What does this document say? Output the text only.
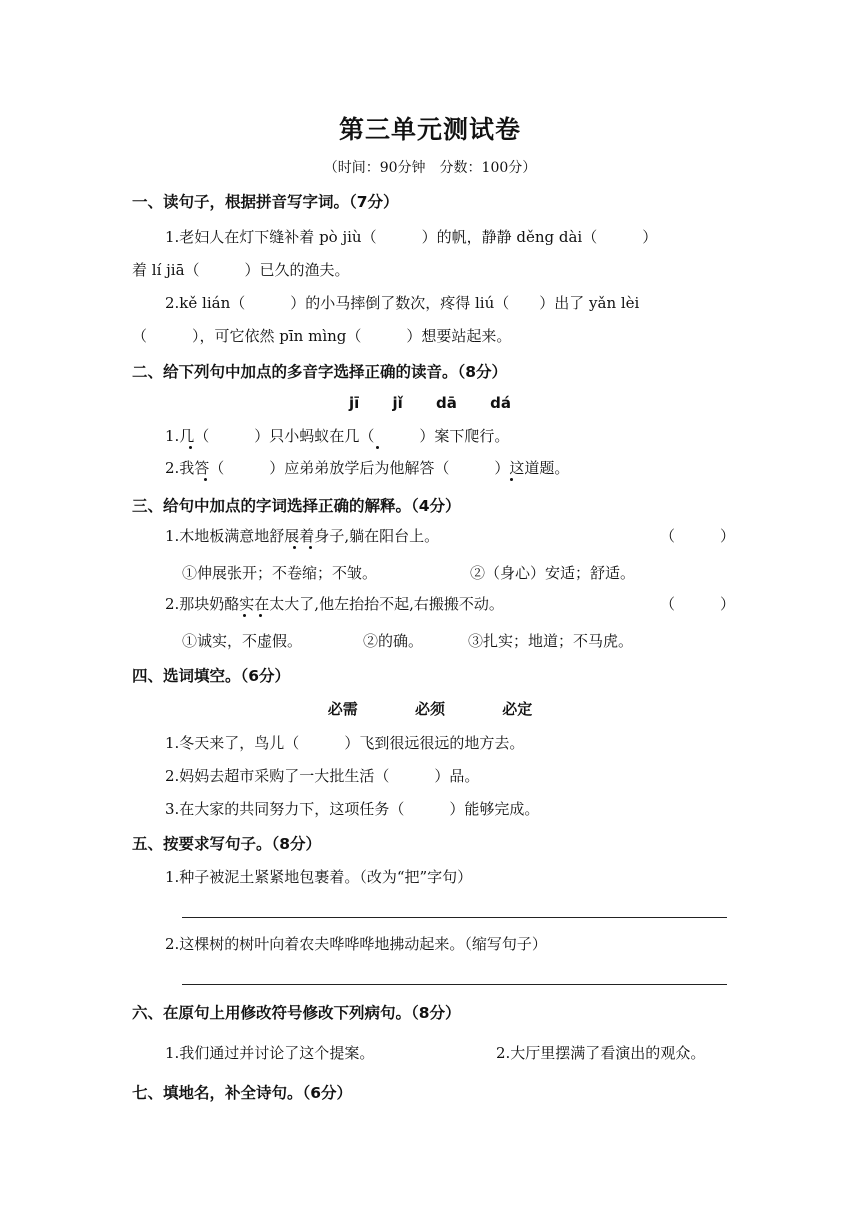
第三单元测试卷
（时间：90分钟　分数：100分）
一、读句子，根据拼音写字词。（7分）
1.老妇人在灯下缝补着 pò jiù（　　　）的帆，静静 děng dài（　　　）
着 lí jiā（　　　）已久的渔夫。
2.kě lián（　　　）的小马摔倒了数次，疼得 liú（　　）出了 yǎn lèi
（　　　），可它依然 pīn mìng（　　　）想要站起来。
二、给下列句中加点的多音字选择正确的读音。（8分）
jī jǐ dā dá
1.几（　　　）只小蚂蚁在几（　　　）案下爬行。
2.我答（　　　）应弟弟放学后为他解答（　　　）这道题。
三、给句中加点的字词选择正确的解释。（4分）
1.木地板满意地舒展着身子,躺在阳台上。	（　　　）
①伸展张开；不卷缩；不皱。	②（身心）安适；舒适。
2.那块奶酪实在太大了,他左抬抬不起,右搬搬不动。	（　　　）
①诚实，不虚假。	②的确。	③扎实；地道；不马虎。
四、选词填空。（6分）
必需	必须	必定
1.冬天来了，鸟儿（　　　）飞到很远很远的地方去。
2.妈妈去超市采购了一大批生活（　　　）品。
3.在大家的共同努力下，这项任务（　　　）能够完成。
五、按要求写句子。（8分）
1.种子被泥土紧紧地包裹着。（改为“把”字句）
2.这棵树的树叶向着农夫哗哗哗地拂动起来。（缩写句子）
六、在原句上用修改符号修改下列病句。（8分）
1.我们通过并讨论了这个提案。	2.大厅里摆满了看演出的观众。
七、填地名，补全诗句。（6分）
